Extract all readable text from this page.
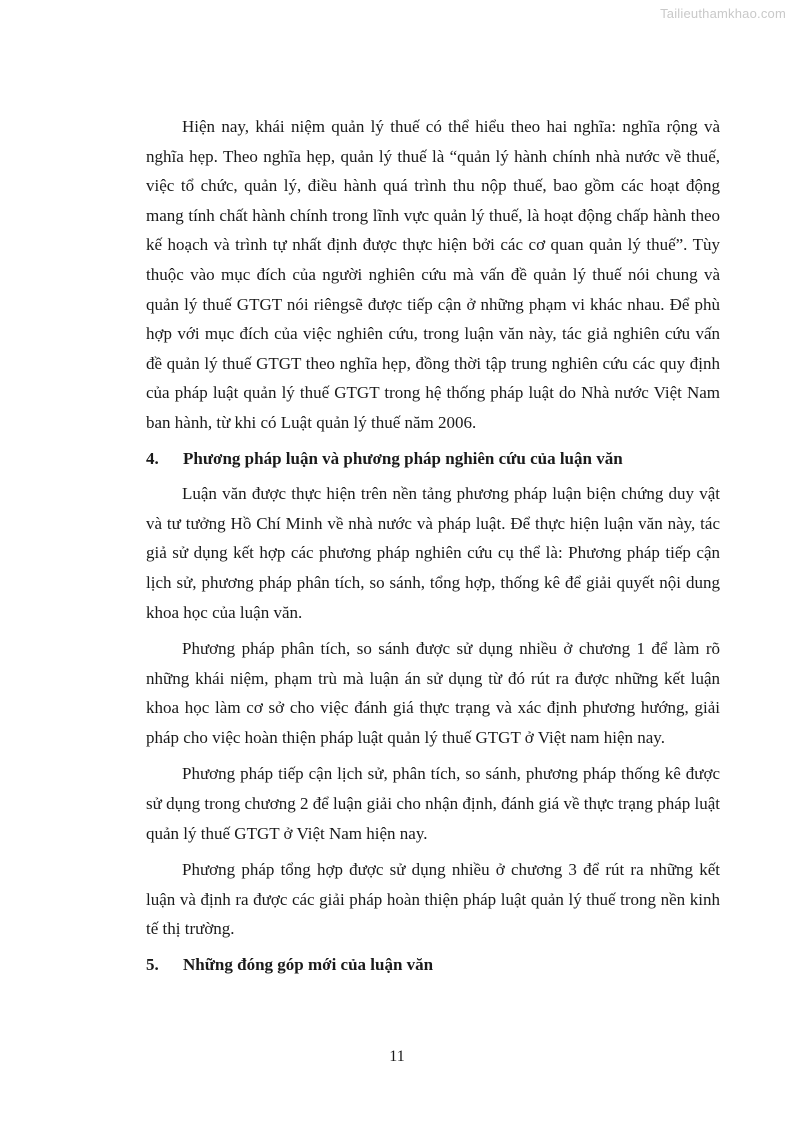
Tailieuthamkhao.com

Hiện nay, khái niệm quản lý thuế có thể hiểu theo hai nghĩa: nghĩa rộng và nghĩa hẹp. Theo nghĩa hẹp, quản lý thuế là “quản lý hành chính nhà nước về thuế, việc tổ chức, quản lý, điều hành quá trình thu nộp thuế, bao gồm các hoạt động mang tính chất hành chính trong lĩnh vực quản lý thuế, là hoạt động chấp hành theo kế hoạch và trình tự nhất định được thực hiện bởi các cơ quan quản lý thuế”. Tùy thuộc vào mục đích của người nghiên cứu mà vấn đề quản lý thuế nói chung và quản lý thuế GTGT nói riêngsẽ được tiếp cận ở những phạm vi khác nhau. Để phù hợp với mục đích của việc nghiên cứu, trong luận văn này, tác giả nghiên cứu vấn đề quản lý thuế GTGT theo nghĩa hẹp, đồng thời tập trung nghiên cứu các quy định của pháp luật quản lý thuế GTGT trong hệ thống pháp luật do Nhà nước Việt Nam ban hành, từ khi có Luật quản lý thuế năm 2006.

4.	Phương pháp luận và phương pháp nghiên cứu của luận văn

Luận văn được thực hiện trên nền tảng phương pháp luận biện chứng duy vật và tư tưởng Hồ Chí Minh về nhà nước và pháp luật. Để thực hiện luận văn này, tác giả sử dụng kết hợp các phương pháp nghiên cứu cụ thể là: Phương pháp tiếp cận lịch sử, phương pháp phân tích, so sánh, tổng hợp, thống kê để giải quyết nội dung khoa học của luận văn.

Phương pháp phân tích, so sánh được sử dụng nhiều ở chương 1 để làm rõ những khái niệm, phạm trù mà luận án sử dụng từ đó rút ra được những kết luận khoa học làm cơ sở cho việc đánh giá thực trạng và xác định phương hướng, giải pháp cho việc hoàn thiện pháp luật quản lý thuế GTGT ở Việt nam hiện nay.

Phương pháp tiếp cận lịch sử, phân tích, so sánh, phương pháp thống kê được sử dụng trong chương 2 để luận giải cho nhận định, đánh giá về thực trạng pháp luật quản lý thuế GTGT ở Việt Nam hiện nay.

Phương pháp tổng hợp được sử dụng nhiều ở chương 3 để rút ra những kết luận và định ra được các giải pháp hoàn thiện pháp luật quản lý thuế trong nền kinh tế thị trường.

5.	Những đóng góp mới của luận văn
11
